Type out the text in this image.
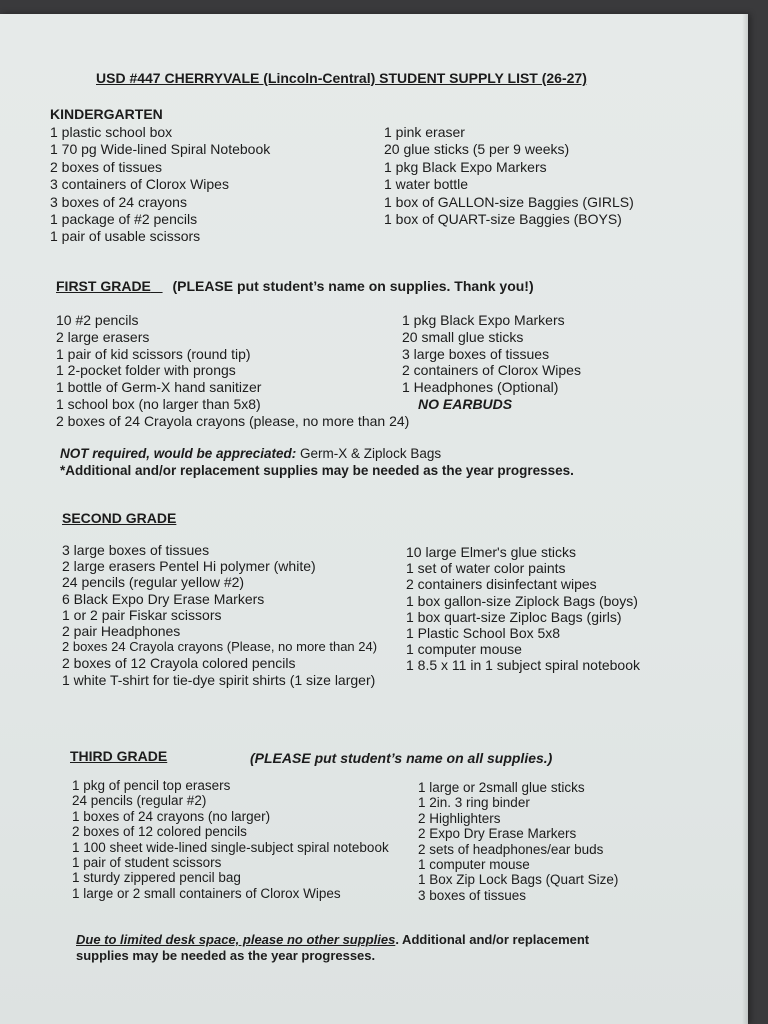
USD #447 CHERRYVALE (Lincoln-Central) STUDENT SUPPLY LIST (26-27)
KINDERGARTEN
1 plastic school box
1 70 pg Wide-lined Spiral Notebook
2 boxes of tissues
3 containers of Clorox Wipes
3 boxes of 24 crayons
1 package of #2 pencils
1 pair of usable scissors
1 pink eraser
20 glue sticks (5 per 9 weeks)
1 pkg Black Expo Markers
1 water bottle
1 box of GALLON-size Baggies (GIRLS)
1 box of QUART-size Baggies (BOYS)
FIRST GRADE (PLEASE put student’s name on supplies. Thank you!)
10 #2 pencils
2 large erasers
1 pair of kid scissors (round tip)
1 2-pocket folder with prongs
1 bottle of Germ-X hand sanitizer
1 school box (no larger than 5x8)
2 boxes of 24 Crayola crayons (please, no more than 24)
1 pkg Black Expo Markers
20 small glue sticks
3 large boxes of tissues
2 containers of Clorox Wipes
1 Headphones (Optional)
NO EARBUDS
NOT required, would be appreciated: Germ-X & Ziplock Bags
*Additional and/or replacement supplies may be needed as the year progresses.
SECOND GRADE
3 large boxes of tissues
2 large erasers Pentel Hi polymer (white)
24 pencils (regular yellow #2)
6 Black Expo Dry Erase Markers
1 or 2 pair Fiskar scissors
2 pair Headphones
2 boxes 24 Crayola crayons (Please, no more than 24)
2 boxes of 12 Crayola colored pencils
1 white T-shirt for tie-dye spirit shirts (1 size larger)
10 large Elmer's glue sticks
1 set of water color paints
2 containers disinfectant wipes
1 box gallon-size Ziplock Bags (boys)
1 box quart-size Ziploc Bags (girls)
1 Plastic School Box 5x8
1 computer mouse
1 8.5 x 11 in 1 subject spiral notebook
THIRD GRADE	(PLEASE put student’s name on all supplies.)
1 pkg of pencil top erasers
24 pencils (regular #2)
1 boxes of 24 crayons (no larger)
2 boxes of 12 colored pencils
1 100 sheet wide-lined single-subject spiral notebook
1 pair of student scissors
1 sturdy zippered pencil bag
1 large or 2 small containers of Clorox Wipes
1 large or 2small glue sticks
1 2in. 3 ring binder
2 Highlighters
2 Expo Dry Erase Markers
2 sets of headphones/ear buds
1 computer mouse
1 Box Zip Lock Bags (Quart Size)
3 boxes of tissues
Due to limited desk space, please no other supplies. Additional and/or replacement supplies may be needed as the year progresses.
